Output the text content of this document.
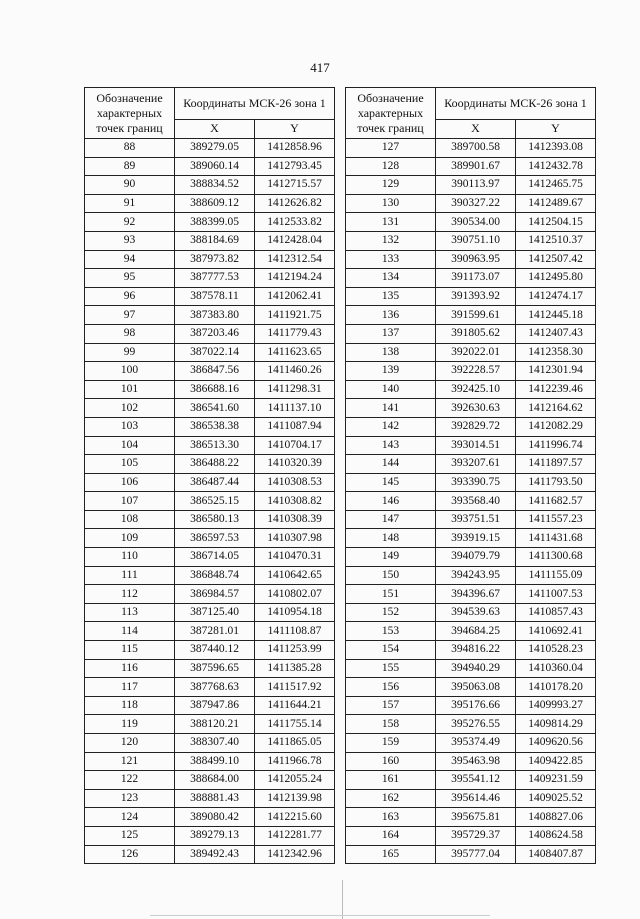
417
Обозначение характерных точек границ	Координаты МСК-26 зона 1	
	X	Y
88	389279.05	1412858.96
89	389060.14	1412793.45
90	388834.52	1412715.57
91	388609.12	1412626.82
92	388399.05	1412533.82
93	388184.69	1412428.04
94	387973.82	1412312.54
95	387777.53	1412194.24
96	387578.11	1412062.41
97	387383.80	1411921.75
98	387203.46	1411779.43
99	387022.14	1411623.65
100	386847.56	1411460.26
101	386688.16	1411298.31
102	386541.60	1411137.10
103	386538.38	1411087.94
104	386513.30	1410704.17
105	386488.22	1410320.39
106	386487.44	1410308.53
107	386525.15	1410308.82
108	386580.13	1410308.39
109	386597.53	1410307.98
110	386714.05	1410470.31
111	386848.74	1410642.65
112	386984.57	1410802.07
113	387125.40	1410954.18
114	387281.01	1411108.87
115	387440.12	1411253.99
116	387596.65	1411385.28
117	387768.63	1411517.92
118	387947.86	1411644.21
119	388120.21	1411755.14
120	388307.40	1411865.05
121	388499.10	1411966.78
122	388684.00	1412055.24
123	388881.43	1412139.98
124	389080.42	1412215.60
125	389279.13	1412281.77
126	389492.43	1412342.96
Обозначение характерных точек границ	Координаты МСК-26 зона 1	
	X	Y
127	389700.58	1412393.08
128	389901.67	1412432.78
129	390113.97	1412465.75
130	390327.22	1412489.67
131	390534.00	1412504.15
132	390751.10	1412510.37
133	390963.95	1412507.42
134	391173.07	1412495.80
135	391393.92	1412474.17
136	391599.61	1412445.18
137	391805.62	1412407.43
138	392022.01	1412358.30
139	392228.57	1412301.94
140	392425.10	1412239.46
141	392630.63	1412164.62
142	392829.72	1412082.29
143	393014.51	1411996.74
144	393207.61	1411897.57
145	393390.75	1411793.50
146	393568.40	1411682.57
147	393751.51	1411557.23
148	393919.15	1411431.68
149	394079.79	1411300.68
150	394243.95	1411155.09
151	394396.67	1411007.53
152	394539.63	1410857.43
153	394684.25	1410692.41
154	394816.22	1410528.23
155	394940.29	1410360.04
156	395063.08	1410178.20
157	395176.66	1409993.27
158	395276.55	1409814.29
159	395374.49	1409620.56
160	395463.98	1409422.85
161	395541.12	1409231.59
162	395614.46	1409025.52
163	395675.81	1408827.06
164	395729.37	1408624.58
165	395777.04	1408407.87
